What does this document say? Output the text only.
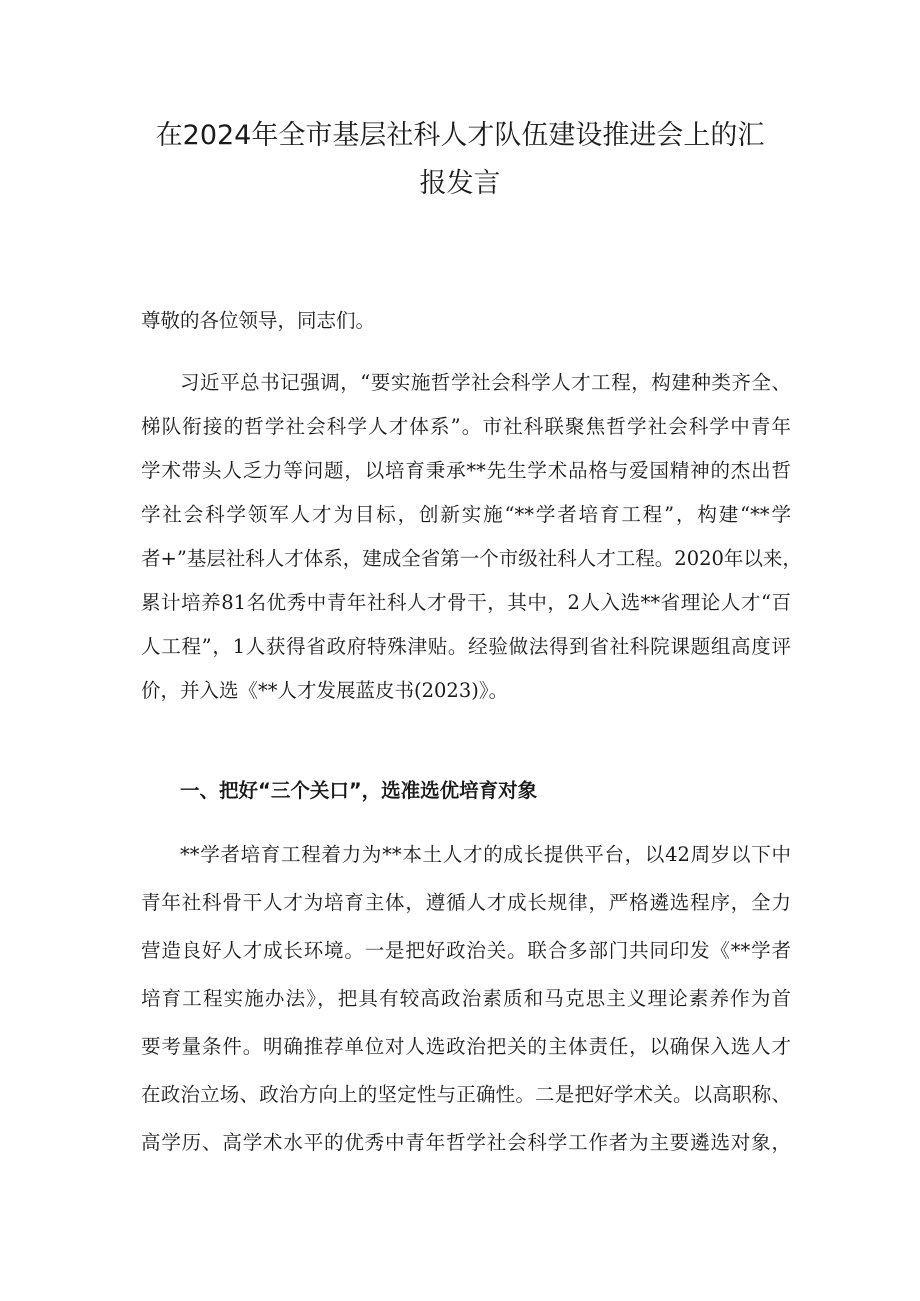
在2024年全市基层社科人才队伍建设推进会上的汇
报发言
尊敬的各位领导，同志们。
习近平总书记强调，“要实施哲学社会科学人才工程，构建种类齐全、
梯队衔接的哲学社会科学人才体系”。市社科联聚焦哲学社会科学中青年
学术带头人乏力等问题，以培育秉承**先生学术品格与爱国精神的杰出哲
学社会科学领军人才为目标，创新实施“**学者培育工程”，构建“**学
者+”基层社科人才体系，建成全省第一个市级社科人才工程。2020年以来，
累计培养81名优秀中青年社科人才骨干，其中，2人入选**省理论人才“百
人工程”，1人获得省政府特殊津贴。经验做法得到省社科院课题组高度评
价，并入选《**人才发展蓝皮书(2023)》。
一、把好“三个关口”，选准选优培育对象
**学者培育工程着力为**本土人才的成长提供平台，以42周岁以下中
青年社科骨干人才为培育主体，遵循人才成长规律，严格遴选程序，全力
营造良好人才成长环境。一是把好政治关。联合多部门共同印发《**学者
培育工程实施办法》，把具有较高政治素质和马克思主义理论素养作为首
要考量条件。明确推荐单位对人选政治把关的主体责任，以确保入选人才
在政治立场、政治方向上的坚定性与正确性。二是把好学术关。以高职称、
高学历、高学术水平的优秀中青年哲学社会科学工作者为主要遴选对象，
